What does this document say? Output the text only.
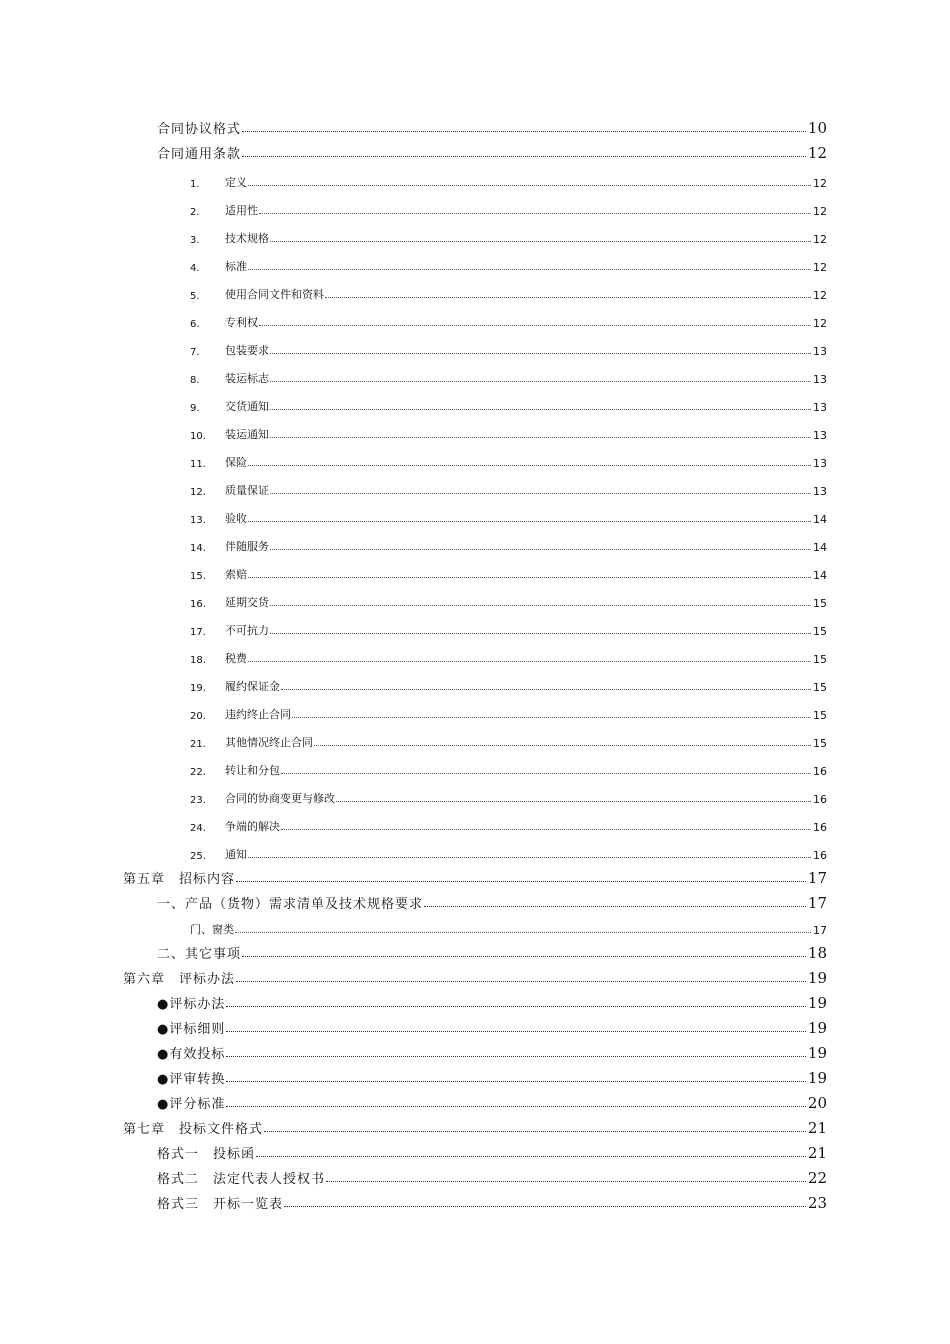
合同协议格式	10
合同通用条款	12
1.	定义	12
2.	适用性	12
3.	技术规格	12
4.	标准	12
5.	使用合同文件和资料	12
6.	专利权	12
7.	包装要求	13
8.	装运标志	13
9.	交货通知	13
10.	装运通知	13
11.	保险	13
12.	质量保证	13
13.	验收	14
14.	伴随服务	14
15.	索赔	14
16.	延期交货	15
17.	不可抗力	15
18.	税费	15
19.	履约保证金	15
20.	违约终止合同	15
21.	其他情况终止合同	15
22.	转让和分包	16
23.	合同的协商变更与修改	16
24.	争端的解决	16
25.	通知	16
第五章　招标内容	17
一、产品（货物）需求清单及技术规格要求	17
门、窗类	17
二、其它事项	18
第六章　评标办法	19
●评标办法	19
●评标细则	19
●有效投标	19
●评审转换	19
●评分标准	20
第七章　投标文件格式	21
格式一　投标函	21
格式二　法定代表人授权书	22
格式三　开标一览表	23
